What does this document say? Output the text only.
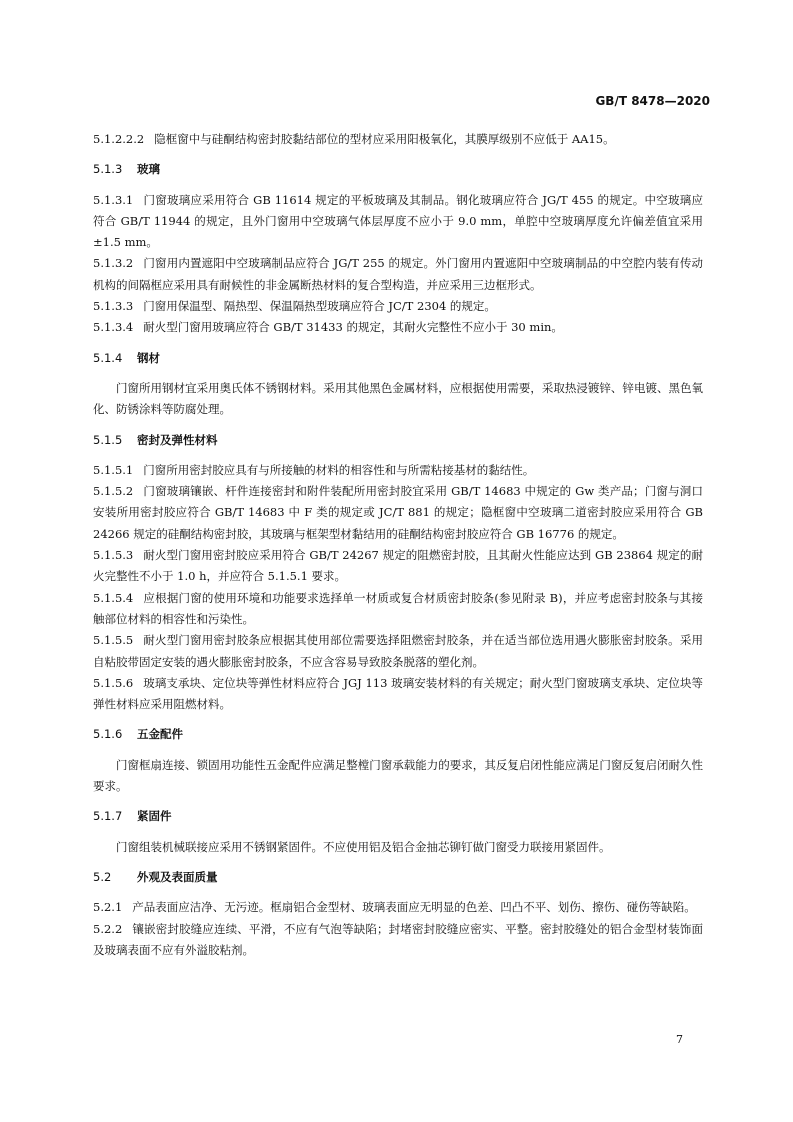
GB/T 8478—2020
5.1.2.2.2 隐框窗中与硅酮结构密封胶黏结部位的型材应采用阳极氧化，其膜厚级别不应低于 AA15。
5.1.3 玻璃
5.1.3.1 门窗玻璃应采用符合 GB 11614 规定的平板玻璃及其制品。钢化玻璃应符合 JG/T 455 的规定。中空玻璃应符合 GB/T 11944 的规定，且外门窗用中空玻璃气体层厚度不应小于 9.0 mm，单腔中空玻璃厚度允许偏差值宜采用±1.5 mm。
5.1.3.2 门窗用内置遮阳中空玻璃制品应符合 JG/T 255 的规定。外门窗用内置遮阳中空玻璃制品的中空腔内装有传动机构的间隔框应采用具有耐候性的非金属断热材料的复合型构造，并应采用三边框形式。
5.1.3.3 门窗用保温型、隔热型、保温隔热型玻璃应符合 JC/T 2304 的规定。
5.1.3.4 耐火型门窗用玻璃应符合 GB/T 31433 的规定，其耐火完整性不应小于 30 min。
5.1.4 钢材
门窗所用钢材宜采用奥氏体不锈钢材料。采用其他黑色金属材料，应根据使用需要，采取热浸镀锌、锌电镀、黑色氧化、防锈涂料等防腐处理。
5.1.5 密封及弹性材料
5.1.5.1 门窗所用密封胶应具有与所接触的材料的相容性和与所需粘接基材的黏结性。
5.1.5.2 门窗玻璃镶嵌、杆件连接密封和附件装配所用密封胶宜采用 GB/T 14683 中规定的 Gw 类产品；门窗与洞口安装所用密封胶应符合 GB/T 14683 中 F 类的规定或 JC/T 881 的规定；隐框窗中空玻璃二道密封胶应采用符合 GB 24266 规定的硅酮结构密封胶，其玻璃与框架型材黏结用的硅酮结构密封胶应符合 GB 16776 的规定。
5.1.5.3 耐火型门窗用密封胶应采用符合 GB/T 24267 规定的阻燃密封胶，且其耐火性能应达到 GB 23864 规定的耐火完整性不小于 1.0 h，并应符合 5.1.5.1 要求。
5.1.5.4 应根据门窗的使用环境和功能要求选择单一材质或复合材质密封胶条(参见附录 B)，并应考虑密封胶条与其接触部位材料的相容性和污染性。
5.1.5.5 耐火型门窗用密封胶条应根据其使用部位需要选择阻燃密封胶条，并在适当部位选用遇火膨胀密封胶条。采用自粘胶带固定安装的遇火膨胀密封胶条，不应含容易导致胶条脱落的塑化剂。
5.1.5.6 玻璃支承块、定位块等弹性材料应符合 JGJ 113 玻璃安装材料的有关规定；耐火型门窗玻璃支承块、定位块等弹性材料应采用阻燃材料。
5.1.6 五金配件
门窗框扇连接、锁固用功能性五金配件应满足整樘门窗承载能力的要求，其反复启闭性能应满足门窗反复启闭耐久性要求。
5.1.7 紧固件
门窗组装机械联接应采用不锈钢紧固件。不应使用铝及铝合金抽芯铆钉做门窗受力联接用紧固件。
5.2 外观及表面质量
5.2.1 产品表面应洁净、无污迹。框扇铝合金型材、玻璃表面应无明显的色差、凹凸不平、划伤、擦伤、碰伤等缺陷。
5.2.2 镶嵌密封胶缝应连续、平滑，不应有气泡等缺陷；封堵密封胶缝应密实、平整。密封胶缝处的铝合金型材装饰面及玻璃表面不应有外溢胶粘剂。
7
